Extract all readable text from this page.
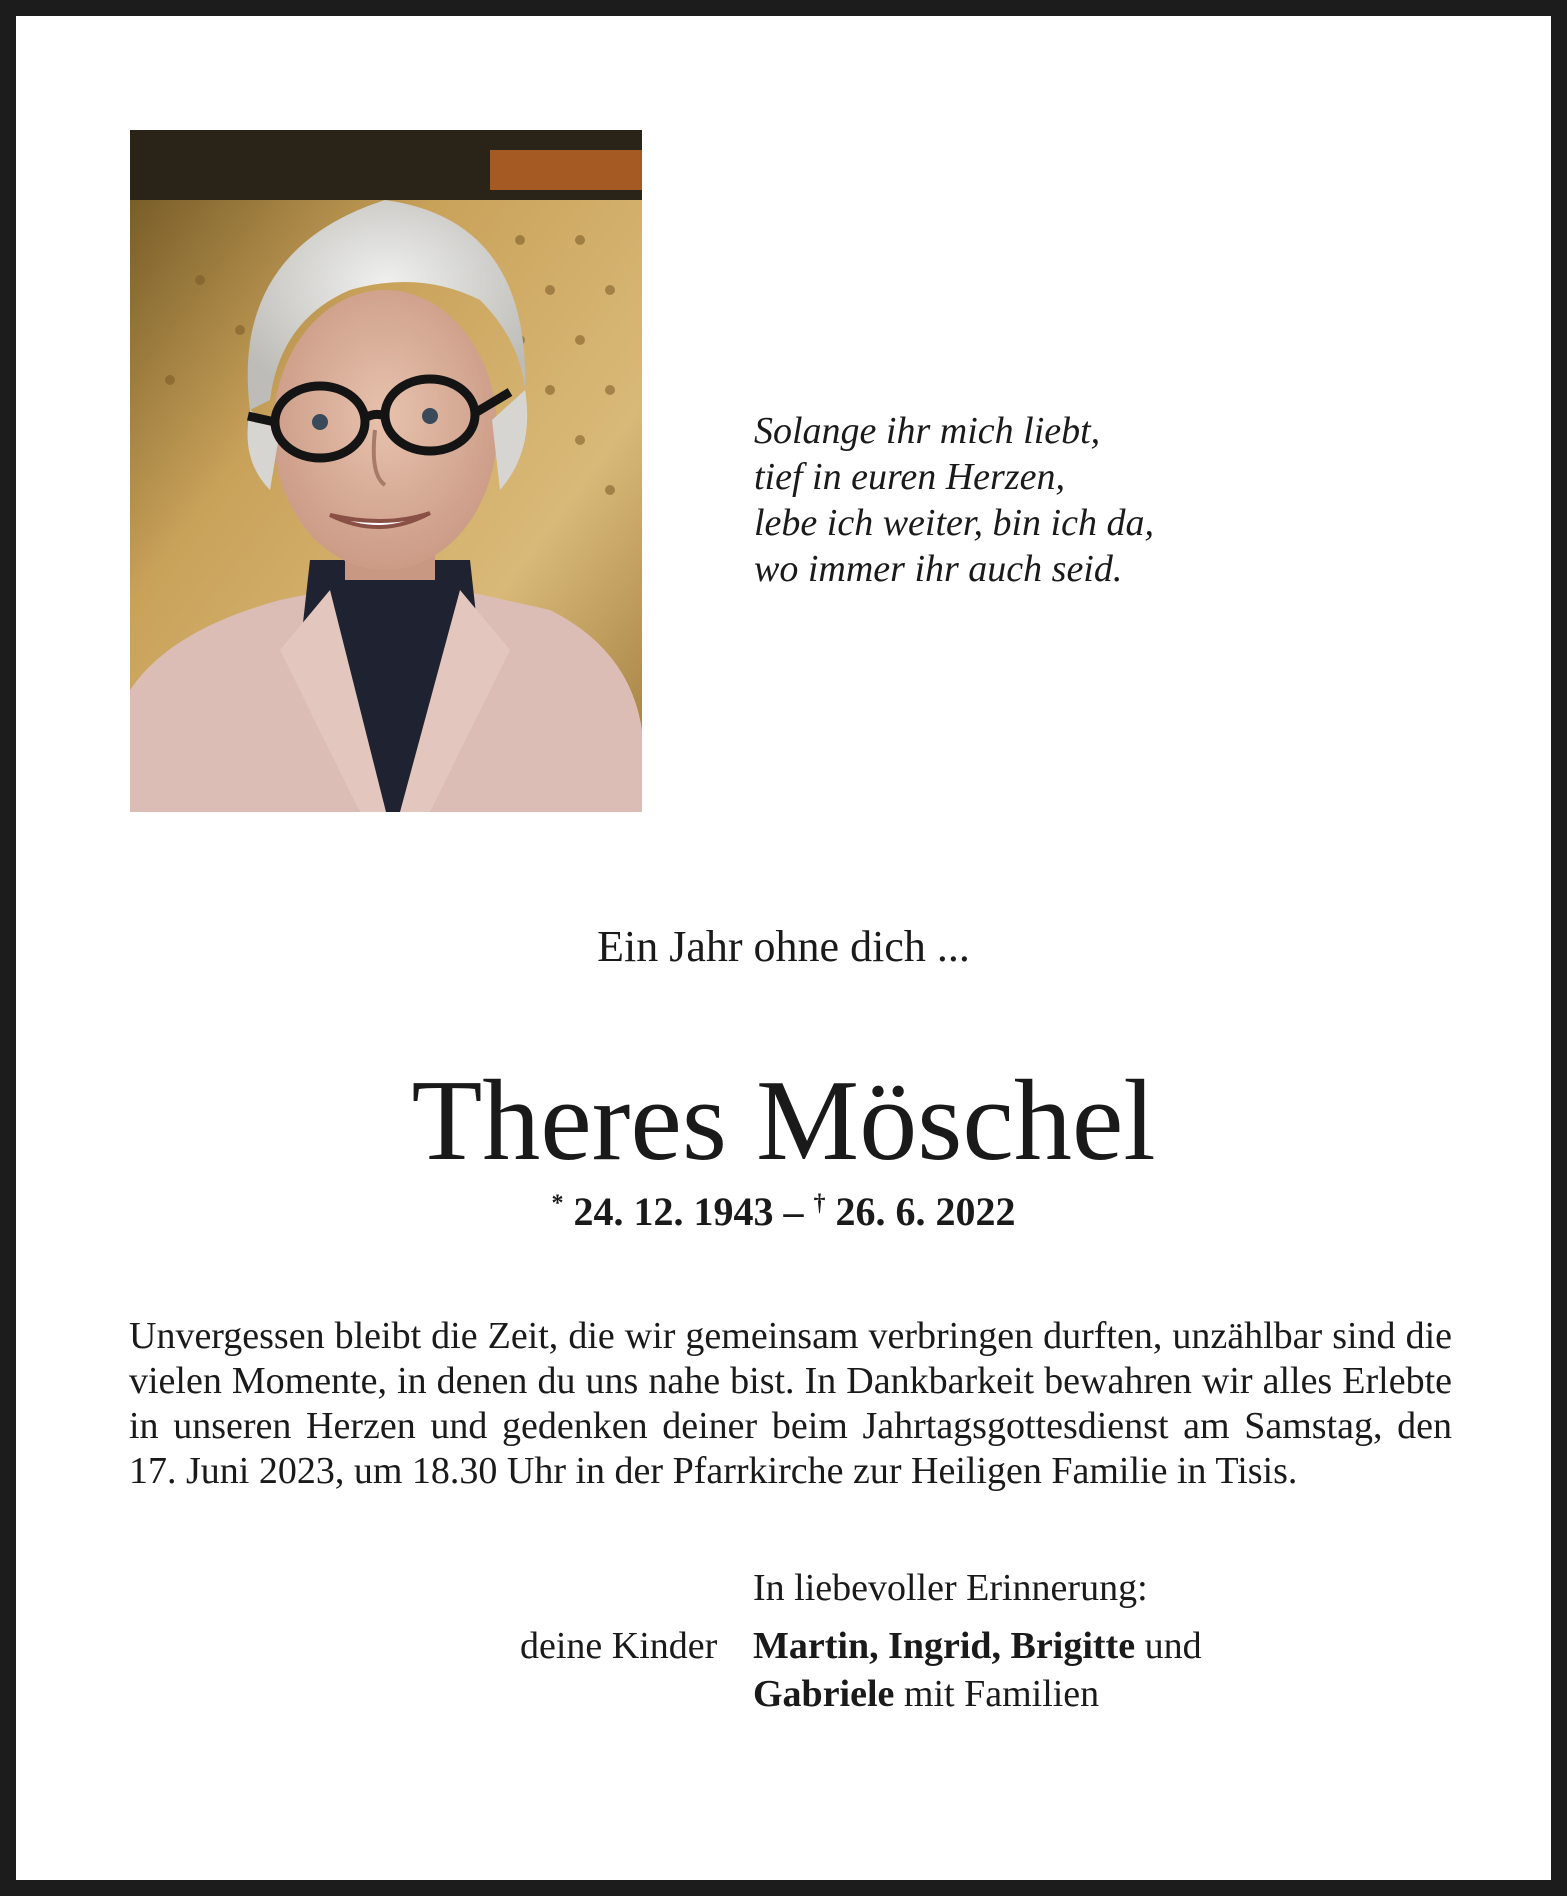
Solange ihr mich liebt,
tief in euren Herzen,
lebe ich weiter, bin ich da,
wo immer ihr auch seid.
Ein Jahr ohne dich ...
Theres Möschel
* 24. 12. 1943 – † 26. 6. 2022
Unvergessen bleibt die Zeit, die wir gemeinsam verbringen durften, unzählbar sind die vielen Momente, in denen du uns nahe bist. In Dankbarkeit bewahren wir alles Erlebte in unseren Herzen und gedenken deiner beim Jahrtagsgottesdienst am Samstag, den 17. Juni 2023, um 18.30 Uhr in der Pfarrkirche zur Heiligen Familie in Tisis.
In liebevoller Erinnerung:
deine Kinder Martin, Ingrid, Brigitte und
Gabriele mit Familien
